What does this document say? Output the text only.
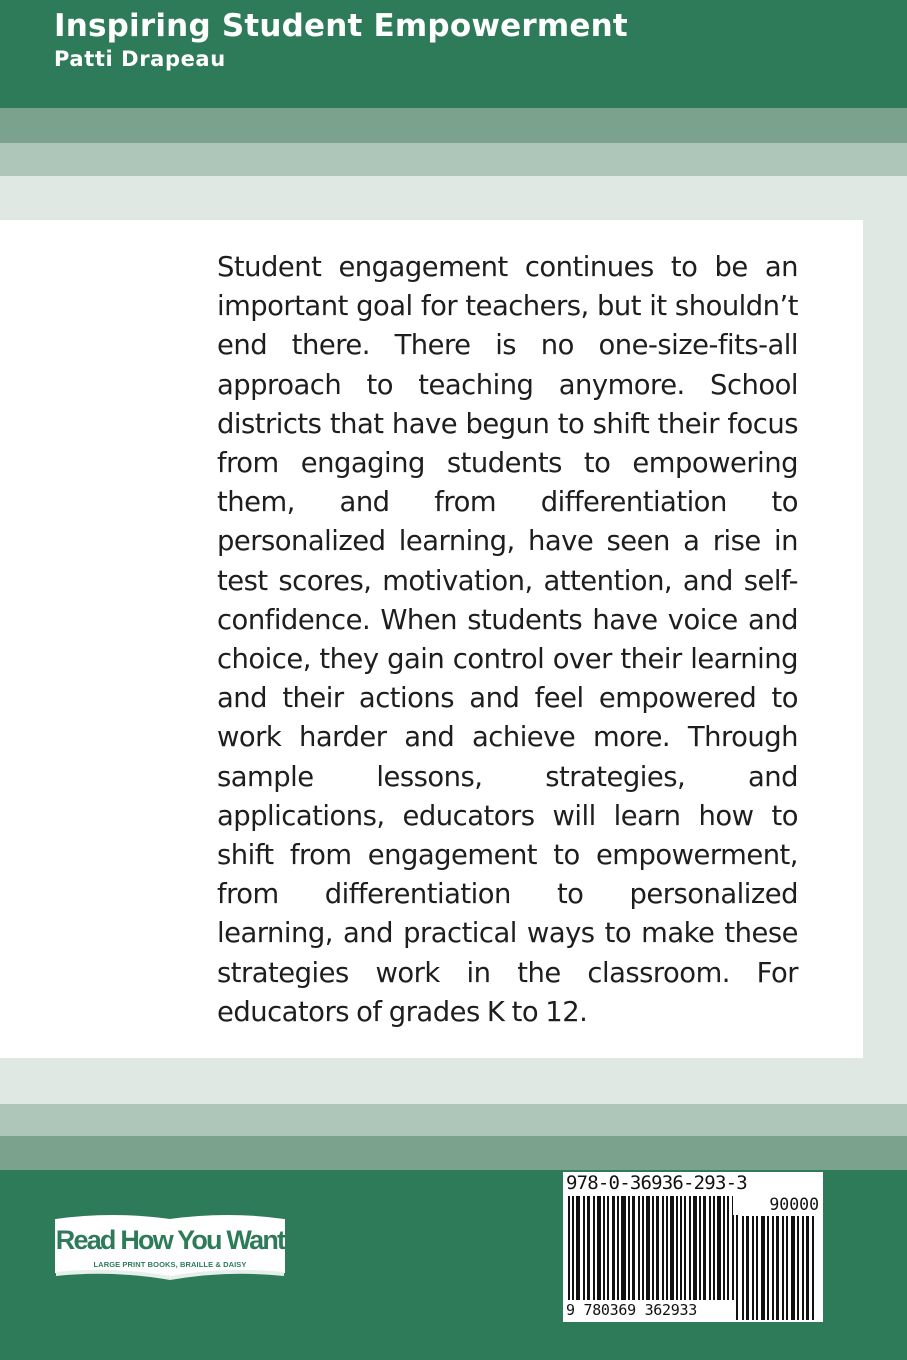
Inspiring Student Empowerment
Patti Drapeau

Student engagement continues to be an important goal for teachers, but it shouldn’t end there. There is no one-size-fits-all approach to teaching anymore. School districts that have begun to shift their focus from engaging students to empowering them, and from differentiation to personalized learning, have seen a rise in test scores, motivation, attention, and self-confidence. When students have voice and choice, they gain control over their learning and their actions and feel empowered to work harder and achieve more. Through sample lessons, strategies, and applications, educators will learn how to shift from engagement to empowerment, from differentiation to personalized learning, and practical ways to make these strategies work in the classroom. For educators of grades K to 12.

Read How You Want
LARGE PRINT BOOKS, BRAILLE & DAISY
978-0-36936-293-3
90000
9 780369 362933
